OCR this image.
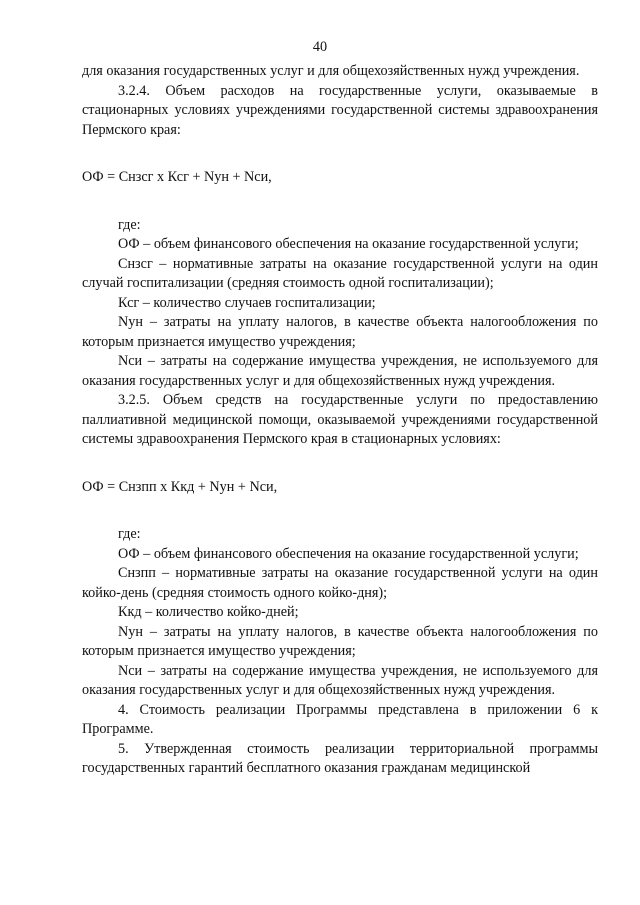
40

для оказания государственных услуг и для общехозяйственных нужд учреждения.

3.2.4. Объем расходов на государственные услуги, оказываемые в стационарных условиях учреждениями государственной системы здравоохранения Пермского края:

ОФ = Снзсг х Ксг + Nун + Nси,

где:

ОФ – объем финансового обеспечения на оказание государственной услуги;

Снзсг – нормативные затраты на оказание государственной услуги на один случай госпитализации (средняя стоимость одной госпитализации);

Ксг – количество случаев госпитализации;

Nун – затраты на уплату налогов, в качестве объекта налогообложения по которым признается имущество учреждения;

Nси – затраты на содержание имущества учреждения, не используемого для оказания государственных услуг и для общехозяйственных нужд учреждения.

3.2.5. Объем средств на государственные услуги по предоставлению паллиативной медицинской помощи, оказываемой учреждениями государственной системы здравоохранения Пермского края в стационарных условиях:

ОФ = Снзпп х Ккд + Nун + Nси,

где:

ОФ – объем финансового обеспечения на оказание государственной услуги;

Снзпп – нормативные затраты на оказание государственной услуги на один койко-день (средняя стоимость одного койко-дня);

Ккд – количество койко-дней;

Nун – затраты на уплату налогов, в качестве объекта налогообложения по которым признается имущество учреждения;

Nси – затраты на содержание имущества учреждения, не используемого для оказания государственных услуг и для общехозяйственных нужд учреждения.

4. Стоимость реализации Программы представлена в приложении 6 к Программе.

5. Утвержденная стоимость реализации территориальной программы государственных гарантий бесплатного оказания гражданам медицинской
